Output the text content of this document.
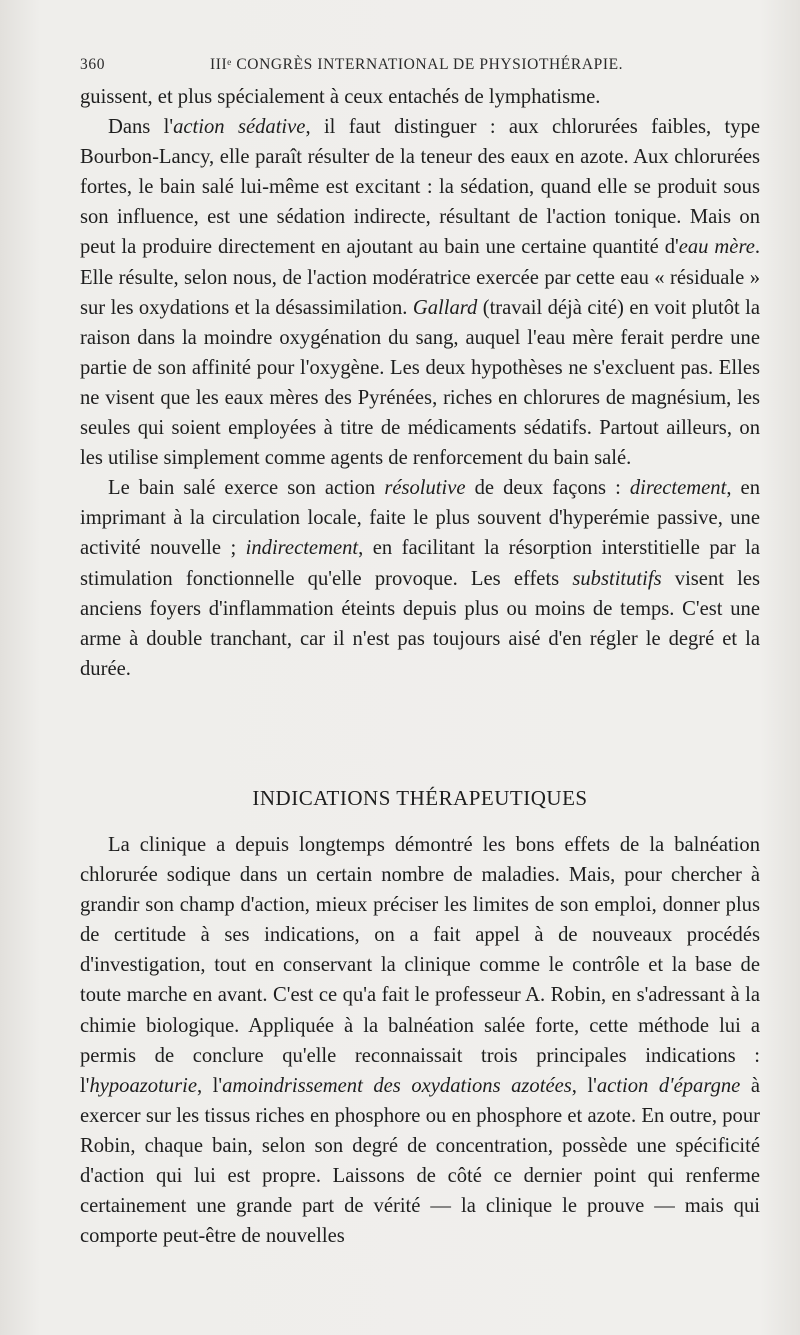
360	IIIᵉ CONGRÈS INTERNATIONAL DE PHYSIOTHÉRAPIE.

guissent, et plus spécialement à ceux entachés de lymphatisme.

Dans l'action sédative, il faut distinguer : aux chlorurées faibles, type Bourbon-Lancy, elle paraît résulter de la teneur des eaux en azote. Aux chlorurées fortes, le bain salé lui-même est excitant : la sédation, quand elle se produit sous son influence, est une sédation indirecte, résultant de l'action tonique. Mais on peut la produire directement en ajoutant au bain une certaine quantité d'eau mère. Elle résulte, selon nous, de l'action modératrice exercée par cette eau « résiduale » sur les oxydations et la désassimilation. Gallard (travail déjà cité) en voit plutôt la raison dans la moindre oxygénation du sang, auquel l'eau mère ferait perdre une partie de son affinité pour l'oxygène. Les deux hypothèses ne s'excluent pas. Elles ne visent que les eaux mères des Pyrénées, riches en chlorures de magnésium, les seules qui soient employées à titre de médicaments sédatifs. Partout ailleurs, on les utilise simplement comme agents de renforcement du bain salé.

Le bain salé exerce son action résolutive de deux façons : directement, en imprimant à la circulation locale, faite le plus souvent d'hyperémie passive, une activité nouvelle ; indirectement, en facilitant la résorption interstitielle par la stimulation fonctionnelle qu'elle provoque. Les effets substitutifs visent les anciens foyers d'inflammation éteints depuis plus ou moins de temps. C'est une arme à double tranchant, car il n'est pas toujours aisé d'en régler le degré et la durée.

INDICATIONS THÉRAPEUTIQUES

La clinique a depuis longtemps démontré les bons effets de la balnéation chlorurée sodique dans un certain nombre de maladies. Mais, pour chercher à grandir son champ d'action, mieux préciser les limites de son emploi, donner plus de certitude à ses indications, on a fait appel à de nouveaux procédés d'investigation, tout en conservant la clinique comme le contrôle et la base de toute marche en avant. C'est ce qu'a fait le professeur A. Robin, en s'adressant à la chimie biologique. Appliquée à la balnéation salée forte, cette méthode lui a permis de conclure qu'elle reconnaissait trois principales indications : l'hypoazoturie, l'amoindrissement des oxydations azotées, l'action d'épargne à exercer sur les tissus riches en phosphore ou en phosphore et azote. En outre, pour Robin, chaque bain, selon son degré de concentration, possède une spécificité d'action qui lui est propre. Laissons de côté ce dernier point qui renferme certainement une grande part de vérité — la clinique le prouve — mais qui comporte peut-être de nouvelles
